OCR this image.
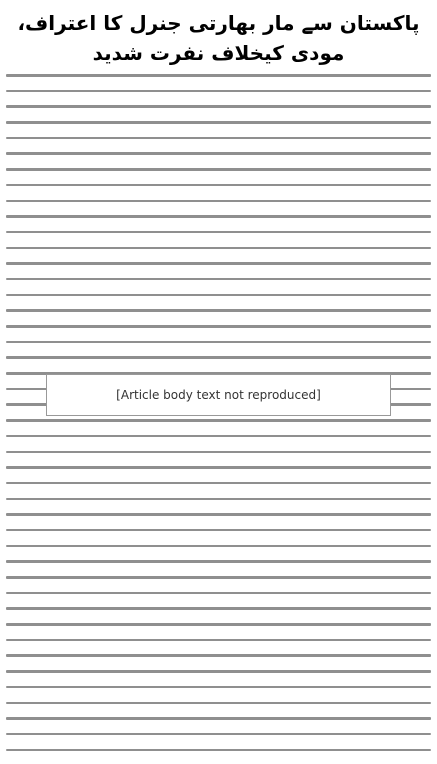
پاکستان سے مار بھارتی جنرل کا اعتراف، مودی کیخلاف نفرت شدید
[Article body text not reproduced]
